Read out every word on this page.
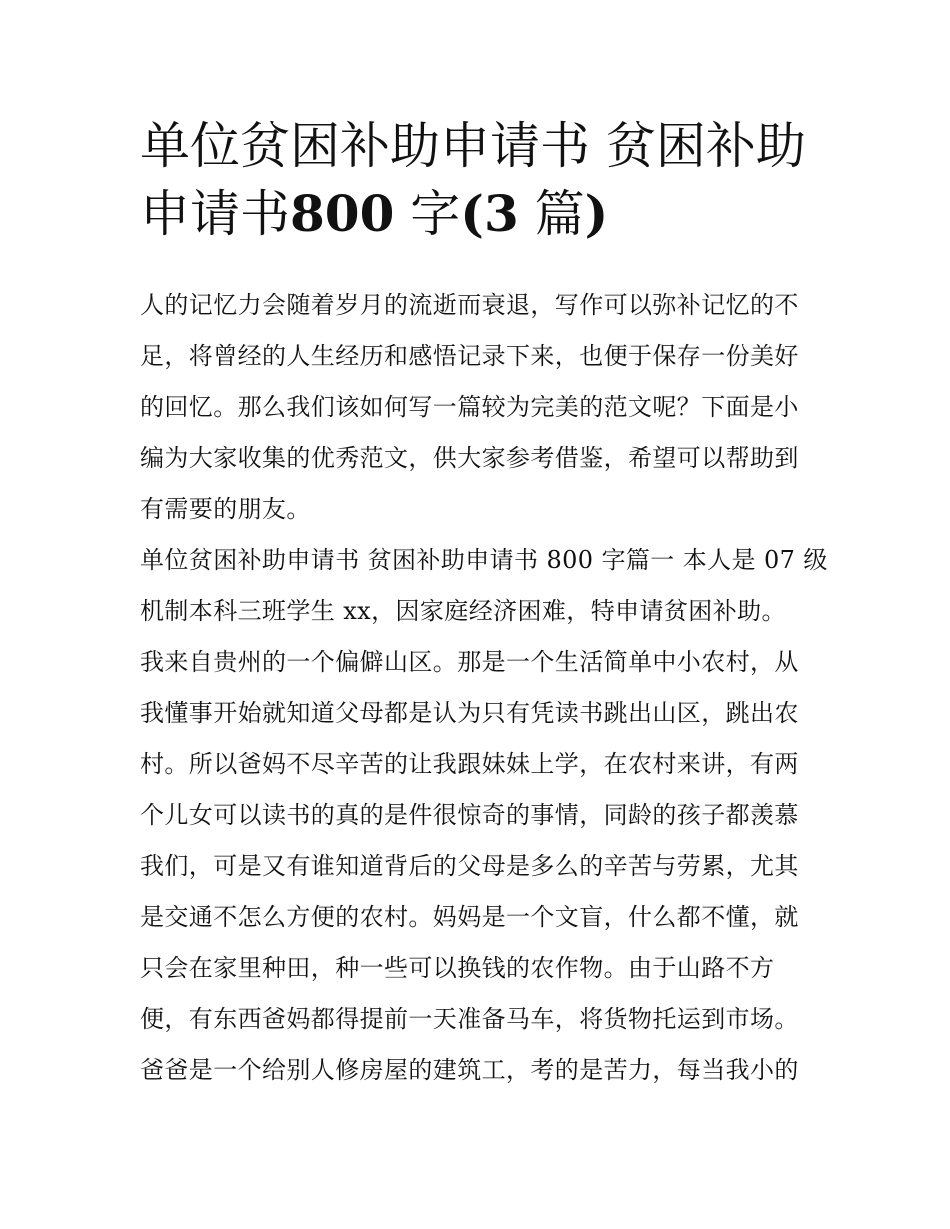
单位贫困补助申请书 贫困补助
申请书800 字(3 篇)
人的记忆力会随着岁月的流逝而衰退，写作可以弥补记忆的不
足，将曾经的人生经历和感悟记录下来，也便于保存一份美好
的回忆。那么我们该如何写一篇较为完美的范文呢？下面是小
编为大家收集的优秀范文，供大家参考借鉴，希望可以帮助到
有需要的朋友。
单位贫困补助申请书 贫困补助申请书 800 字篇一 本人是 07 级
机制本科三班学生 xx，因家庭经济困难，特申请贫困补助。
我来自贵州的一个偏僻山区。那是一个生活简单中小农村，从
我懂事开始就知道父母都是认为只有凭读书跳出山区，跳出农
村。所以爸妈不尽辛苦的让我跟妹妹上学，在农村来讲，有两
个儿女可以读书的真的是件很惊奇的事情，同龄的孩子都羡慕
我们，可是又有谁知道背后的父母是多么的辛苦与劳累，尤其
是交通不怎么方便的农村。妈妈是一个文盲，什么都不懂，就
只会在家里种田，种一些可以换钱的农作物。由于山路不方
便，有东西爸妈都得提前一天准备马车，将货物托运到市场。
爸爸是一个给别人修房屋的建筑工，考的是苦力，每当我小的
